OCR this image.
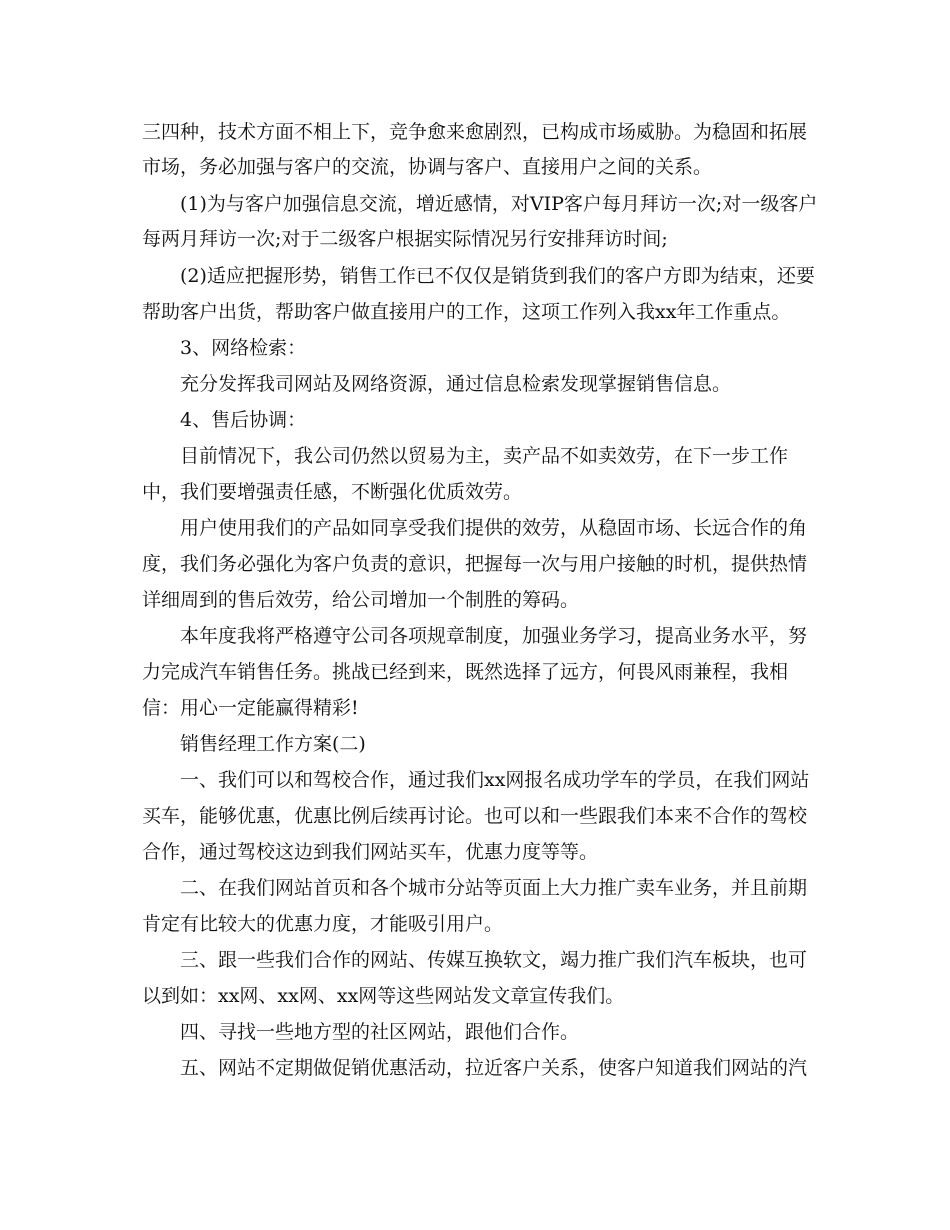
三四种，技术方面不相上下，竞争愈来愈剧烈，已构成市场威胁。为稳固和拓展

市场，务必加强与客户的交流，协调与客户、直接用户之间的关系。

(1)为与客户加强信息交流，增近感情，对VIP客户每月拜访一次;对一级客户

每两月拜访一次;对于二级客户根据实际情况另行安排拜访时间;

(2)适应把握形势，销售工作已不仅仅是销货到我们的客户方即为结束，还要

帮助客户出货，帮助客户做直接用户的工作，这项工作列入我xx年工作重点。

3、网络检索：

充分发挥我司网站及网络资源，通过信息检索发现掌握销售信息。

4、售后协调：

目前情况下，我公司仍然以贸易为主，卖产品不如卖效劳，在下一步工作

中，我们要增强责任感，不断强化优质效劳。

用户使用我们的产品如同享受我们提供的效劳，从稳固市场、长远合作的角

度，我们务必强化为客户负责的意识，把握每一次与用户接触的时机，提供热情

详细周到的售后效劳，给公司增加一个制胜的筹码。

本年度我将严格遵守公司各项规章制度，加强业务学习，提高业务水平，努

力完成汽车销售任务。挑战已经到来，既然选择了远方，何畏风雨兼程，我相

信：用心一定能赢得精彩!

销售经理工作方案(二)

一、我们可以和驾校合作，通过我们xx网报名成功学车的学员，在我们网站

买车，能够优惠，优惠比例后续再讨论。也可以和一些跟我们本来不合作的驾校

合作，通过驾校这边到我们网站买车，优惠力度等等。

二、在我们网站首页和各个城市分站等页面上大力推广卖车业务，并且前期

肯定有比较大的优惠力度，才能吸引用户。

三、跟一些我们合作的网站、传媒互换软文，竭力推广我们汽车板块，也可

以到如：xx网、xx网、xx网等这些网站发文章宣传我们。

四、寻找一些地方型的社区网站，跟他们合作。

五、网站不定期做促销优惠活动，拉近客户关系，使客户知道我们网站的汽
